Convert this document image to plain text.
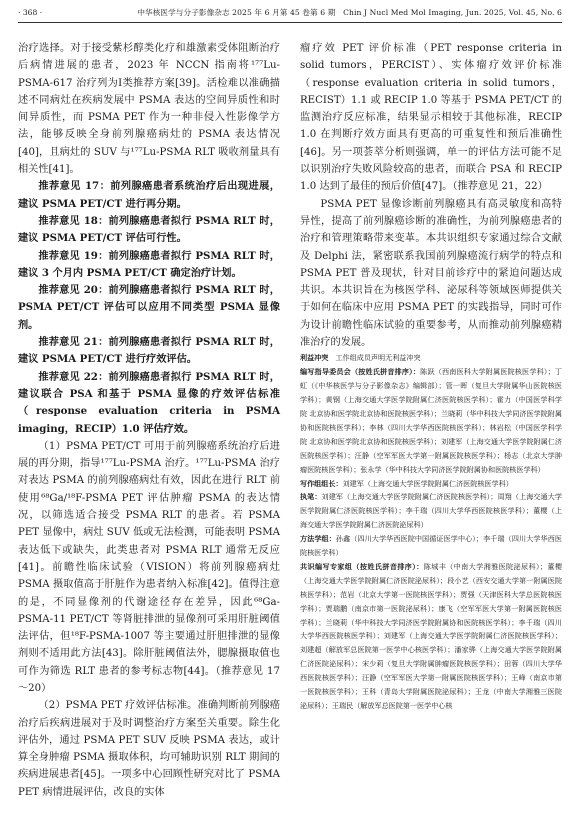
· 368 ·	中华核医学与分子影像杂志 2025 年 6 月第 45 卷第 6 期　Chin J Nucl Med Mol Imaging, Jun. 2025, Vol. 45, No. 6

治疗选择。对于接受紫杉醇类化疗和雄激素受体阻断治疗后病情进展的患者，2023 年 NCCN 指南将¹⁷⁷Lu-PSMA-617 治疗列为Ⅰ类推荐方案[39]。活检难以准确描述不同病灶在疾病发展中 PSMA 表达的空间异质性和时间异质性，而 PSMA PET 作为一种非侵入性影像学方法，能够反映全身前列腺癌病灶的 PSMA 表达情况[40]，且病灶的 SUV 与¹⁷⁷Lu-PSMA RLT 吸收剂量具有相关性[41]。

推荐意见 17：前列腺癌患者系统治疗后出现进展，建议 PSMA PET/CT 进行再分期。

推荐意见 18：前列腺癌患者拟行 PSMA RLT 时，建议 PSMA PET/CT 评估可行性。

推荐意见 19：前列腺癌患者拟行 PSMA RLT 时，建议 3 个月内 PSMA PET/CT 确定治疗计划。

推荐意见 20：前列腺癌患者拟行 PSMA RLT 时，PSMA PET/CT 评估可以应用不同类型 PSMA 显像剂。

推荐意见 21：前列腺癌患者拟行 PSMA RLT 时，建议 PSMA PET/CT 进行疗效评估。

推荐意见 22：前列腺癌患者拟行 PSMA RLT 时，建议联合 PSA 和基于 PSMA 显像的疗效评估标准（response evaluation criteria in PSMA imaging，RECIP）1.0 评估疗效。

（1）PSMA PET/CT 可用于前列腺癌系统治疗后进展的再分期，指导¹⁷⁷Lu-PSMA 治疗。¹⁷⁷Lu-PSMA 治疗对表达 PSMA 的前列腺癌病灶有效，因此在进行 RLT 前使用⁶⁸Ga/¹⁸F-PSMA PET 评估肿瘤 PSMA 的表达情况，以筛选适合接受 PSMA RLT 的患者。若 PSMA PET 显像中，病灶 SUV 低或无法检测，可能表明 PSMA 表达低下或缺失，此类患者对 PSMA RLT 通常无反应[41]。前瞻性临床试验（VISION）将前列腺癌病灶 PSMA 摄取值高于肝脏作为患者纳入标准[42]。值得注意的是，不同显像剂的代谢途径存在差异，因此⁶⁸Ga-PSMA-11 PET/CT 等肾脏排泄的显像剂可采用肝脏阈值法评估，但¹⁸F-PSMA-1007 等主要通过肝胆排泄的显像剂则不适用此方法[43]。除肝脏阈值法外，腮腺摄取值也可作为筛选 RLT 患者的参考标志物[44]。（推荐意见 17～20）

（2）PSMA PET 疗效评估标准。准确判断前列腺癌治疗后疾病进展对于及时调整治疗方案至关重要。除生化评估外，通过 PSMA PET SUV 反映 PSMA 表达，或计算全身肿瘤 PSMA 摄取体积，均可辅助识别 RLT 期间的疾病进展患者[45]。一项多中心回顾性研究对比了 PSMA PET 病情进展评估，改良的实体

瘤疗效 PET 评价标准（PET response criteria in solid tumors，PERCIST）、实体瘤疗效评价标准（response evaluation criteria in solid tumors，RECIST）1.1 或 RECIP 1.0 等基于 PSMA PET/CT 的监测治疗反应标准，结果显示相较于其他标准，RECIP 1.0 在判断疗效方面具有更高的可重复性和预后准确性[46]。另一项荟萃分析则强调，单一的评估方法可能不足以识别治疗失败风险较高的患者，而联合 PSA 和 RECIP 1.0 达到了最佳的预后价值[47]。（推荐意见 21，22）

PSMA PET 显像诊断前列腺癌具有高灵敏度和高特异性，提高了前列腺癌诊断的准确性，为前列腺癌患者的治疗和管理策略带来变革。本共识组织专家通过综合文献及 Delphi 法，紧密联系我国前列腺癌流行病学的特点和 PSMA PET 普及现状，针对目前诊疗中的紧迫问题达成共识。本共识旨在为核医学科、泌尿科等领域医师提供关于如何在临床中应用 PSMA PET 的实践指导，同时可作为设计前瞻性临床试验的重要参考，从而推动前列腺癌精准治疗的发展。

利益冲突　 工作组成员声明无利益冲突

编写指导委员会（按姓氏拼音排序）：陈跃（西南医科大学附属医院核医学科）；丁虹（《中华核医学与分子影像杂志》编辑部）；管一晖（复旦大学附属华山医院核医学科）；黄钢（上海交通大学医学院附属仁济医院核医学科）；霍力（中国医学科学院 北京协和医学院北京协和医院核医学科）；兰晓莉（华中科技大学同济医学院附属协和医院核医学科）；李林（四川大学华西医院核医学科）；林岩松（中国医学科学院 北京协和医学院北京协和医院核医学科）；刘建军（上海交通大学医学院附属仁济医院核医学科）；汪静（空军军医大学第一附属医院核医学科）；杨志（北京大学肿瘤医院核医学科）；张永学（华中科技大学同济医学院附属协和医院核医学科）

写作组组长：刘建军（上海交通大学医学院附属仁济医院核医学科）

执笔：刘建军（上海交通大学医学院附属仁济医院核医学科）；周翔（上海交通大学医学院附属仁济医院核医学科）；李千瑞（四川大学华西医院核医学科）；董樱（上海交通大学医学院附属仁济医院泌尿科）

方法学组：孙鑫（四川大学华西医院中国循证医学中心）；李千瑞（四川大学华西医院核医学科）

共识编写专家组（按姓氏拼音排序）：陈城丰（中南大学湘雅医院泌尿科）；董樱（上海交通大学医学院附属仁济医院泌尿科）；段小艺（西安交通大学第一附属医院核医学科）；范岩（北京大学第一医院核医学科）；贾强（天津医科大学总医院核医学科）；贾瑞鹏（南京市第一医院泌尿科）；康飞（空军军医大学第一附属医院核医学科）；兰晓莉（华中科技大学同济医学院附属协和医院核医学科）；李千瑞（四川大学华西医院核医学科）；刘建军（上海交通大学医学院附属仁济医院核医学科）；刘建超（解放军总医院第一医学中心核医学科）；潘家骅（上海交通大学医学院附属仁济医院泌尿科）；宋少莉（复旦大学附属肿瘤医院核医学科）；田蓉（四川大学华西医院核医学科）；汪静（空军军医大学第一附属医院核医学科）；王峰（南京市第一医院核医学科）；王科（青岛大学附属医院泌尿科）；王龙（中南大学湘雅三医院泌尿科）；王瑞民（解放军总医院第一医学中心核
